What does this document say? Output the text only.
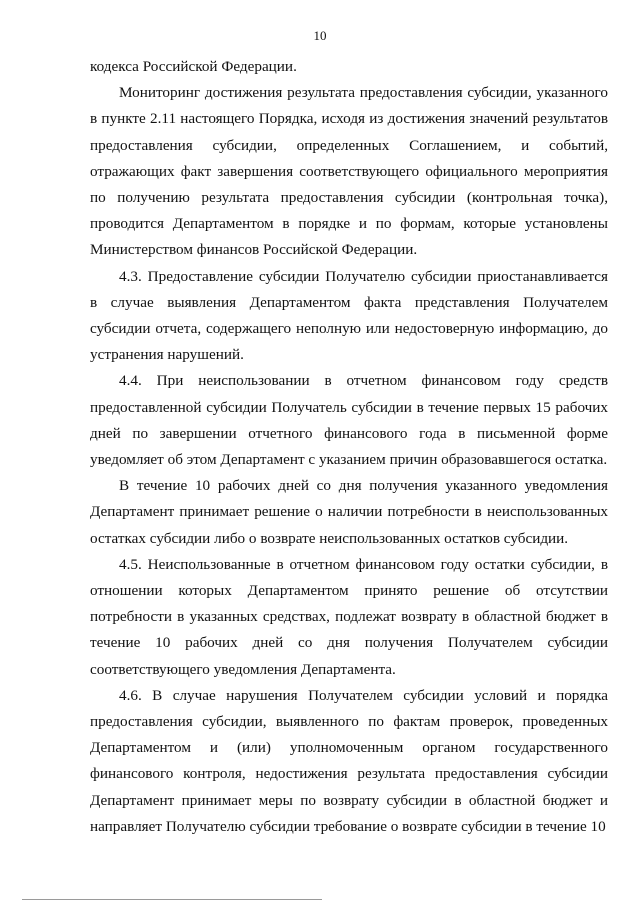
10

кодекса Российской Федерации.

Мониторинг достижения результата предоставления субсидии, указанного в пункте 2.11 настоящего Порядка, исходя из достижения значений результатов предоставления субсидии, определенных Соглашением, и событий, отражающих факт завершения соответствующего официального мероприятия по получению результата предоставления субсидии (контрольная точка), проводится Департаментом в порядке и по формам, которые установлены Министерством финансов Российской Федерации.

4.3. Предоставление субсидии Получателю субсидии приостанавливается в случае выявления Департаментом факта представления Получателем субсидии отчета, содержащего неполную или недостоверную информацию, до устранения нарушений.

4.4. При неиспользовании в отчетном финансовом году средств предоставленной субсидии Получатель субсидии в течение первых 15 рабочих дней по завершении отчетного финансового года в письменной форме уведомляет об этом Департамент с указанием причин образовавшегося остатка.

В течение 10 рабочих дней со дня получения указанного уведомления Департамент принимает решение о наличии потребности в неиспользованных остатках субсидии либо о возврате неиспользованных остатков субсидии.

4.5. Неиспользованные в отчетном финансовом году остатки субсидии, в отношении которых Департаментом принято решение об отсутствии потребности в указанных средствах, подлежат возврату в областной бюджет в течение 10 рабочих дней со дня получения Получателем субсидии соответствующего уведомления Департамента.

4.6. В случае нарушения Получателем субсидии условий и порядка предоставления субсидии, выявленного по фактам проверок, проведенных Департаментом и (или) уполномоченным органом государственного финансового контроля, недостижения результата предоставления субсидии Департамент принимает меры по возврату субсидии в областной бюджет и направляет Получателю субсидии требование о возврате субсидии в течение 10
